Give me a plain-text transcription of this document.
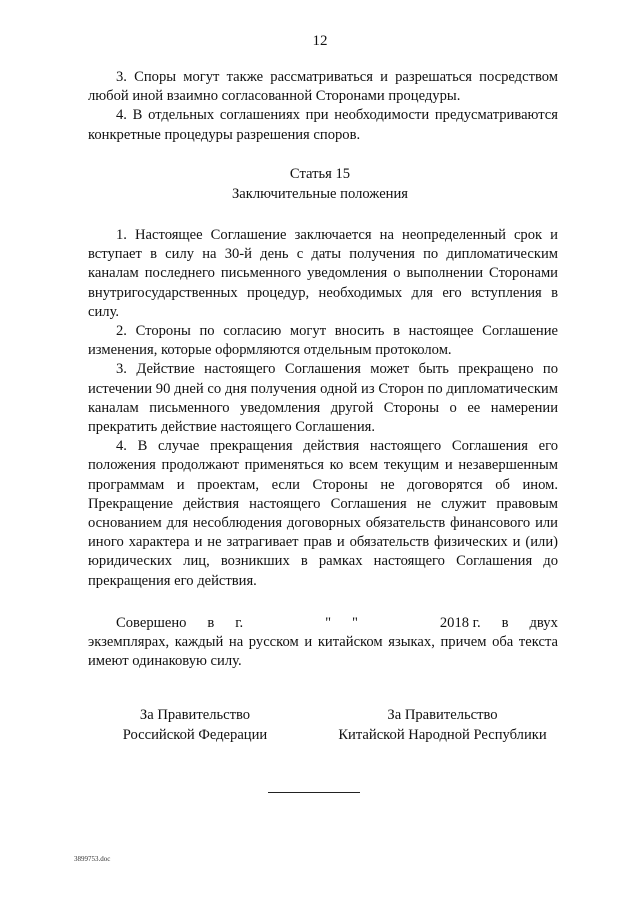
12

3. Споры могут также рассматриваться и разрешаться посредством любой иной взаимно согласованной Сторонами процедуры.

4. В отдельных соглашениях при необходимости предусматриваются конкретные процедуры разрешения споров.

Статья 15
Заключительные положения

1. Настоящее Соглашение заключается на неопределенный срок и вступает в силу на 30-й день с даты получения по дипломатическим каналам последнего письменного уведомления о выполнении Сторонами внутригосударственных процедур, необходимых для его вступления в силу.

2. Стороны по согласию могут вносить в настоящее Соглашение изменения, которые оформляются отдельным протоколом.

3. Действие настоящего Соглашения может быть прекращено по истечении 90 дней со дня получения одной из Сторон по дипломатическим каналам письменного уведомления другой Стороны о ее намерении прекратить действие настоящего Соглашения.

4. В случае прекращения действия настоящего Соглашения его положения продолжают применяться ко всем текущим и незавершенным программам и проектам, если Стороны не договорятся об ином. Прекращение действия настоящего Соглашения не служит правовым основанием для несоблюдения договорных обязательств финансового или иного характера и не затрагивает прав и обязательств физических и (или) юридических лиц, возникших в рамках настоящего Соглашения до прекращения его действия.

Совершено в г.	" "	2018 г. в двух

экземплярах, каждый на русском и китайском языках, причем оба текста имеют одинаковую силу.

За Правительство
Российской Федерации
За Правительство
Китайской Народной Республики
3899753.doc
